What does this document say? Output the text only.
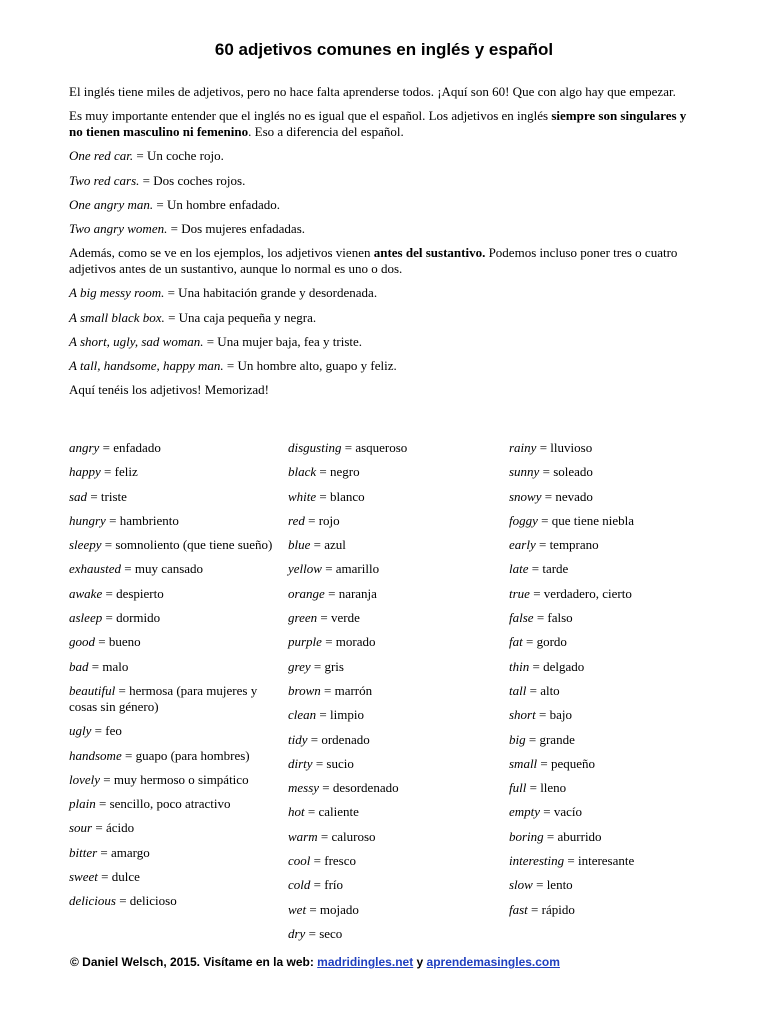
60 adjetivos comunes en inglés y español

El inglés tiene miles de adjetivos, pero no hace falta aprenderse todos. ¡Aquí son 60! Que con algo hay que empezar.

Es muy importante entender que el inglés no es igual que el español. Los adjetivos en inglés siempre son singulares y no tienen masculino ni femenino. Eso a diferencia del español.

One red car. = Un coche rojo.

Two red cars. = Dos coches rojos.

One angry man. = Un hombre enfadado.

Two angry women. = Dos mujeres enfadadas.

Además, como se ve en los ejemplos, los adjetivos vienen antes del sustantivo. Podemos incluso poner tres o cuatro adjetivos antes de un sustantivo, aunque lo normal es uno o dos.

A big messy room. = Una habitación grande y desordenada.

A small black box. = Una caja pequeña y negra.

A short, ugly, sad woman. = Una mujer baja, fea y triste.

A tall, handsome, happy man. = Un hombre alto, guapo y feliz.

Aquí tenéis los adjetivos! Memorizad!

angry = enfadado

happy = feliz

sad = triste

hungry = hambriento

sleepy = somnoliento (que tiene sueño)

exhausted = muy cansado

awake = despierto

asleep = dormido

good = bueno

bad = malo

beautiful = hermosa (para mujeres y cosas sin género)

ugly = feo

handsome = guapo (para hombres)

lovely = muy hermoso o simpático

plain = sencillo, poco atractivo

sour = ácido

bitter = amargo

sweet = dulce

delicious = delicioso

disgusting = asqueroso

black = negro

white = blanco

red = rojo

blue = azul

yellow = amarillo

orange = naranja

green = verde

purple = morado

grey = gris

brown = marrón

clean = limpio

tidy = ordenado

dirty = sucio

messy = desordenado

hot = caliente

warm = caluroso

cool = fresco

cold = frío

wet = mojado

dry = seco

rainy = lluvioso

sunny = soleado

snowy = nevado

foggy = que tiene niebla

early = temprano

late = tarde

true = verdadero, cierto

false = falso

fat = gordo

thin = delgado

tall = alto

short = bajo

big = grande

small = pequeño

full = lleno

empty = vacío

boring = aburrido

interesting = interesante

slow = lento

fast = rápido

© Daniel Welsch, 2015. Visítame en la web: madridingles.net y aprendemasingles.com
